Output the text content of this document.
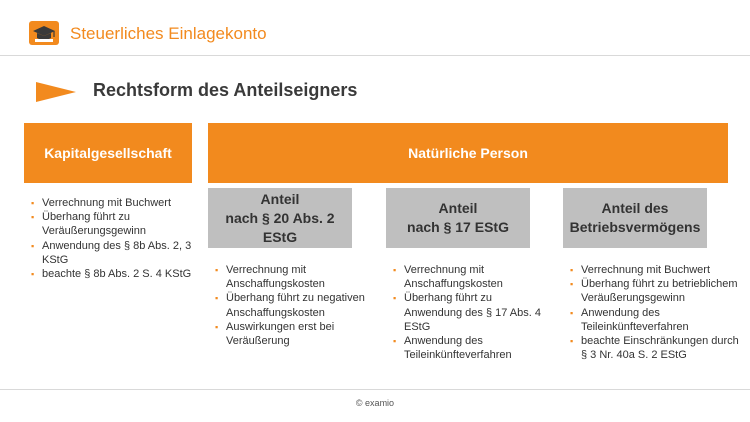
Steuerliches Einlagekonto
Rechtsform des Anteilseigners
Kapitalgesellschaft	Natürliche Person
▪ Verrechnung mit Buchwert
▪ Überhang führt zu Veräußerungsgewinn
▪ Anwendung des § 8b Abs. 2, 3 KStG
▪ beachte § 8b Abs. 2 S. 4 KStG
Anteil
nach § 20 Abs. 2 EStG
Anteil
nach § 17 EStG
Anteil des
Betriebsvermögens
▪ Verrechnung mit Anschaffungskosten
▪ Überhang führt zu negativen Anschaffungskosten
▪ Auswirkungen erst bei Veräußerung
▪ Verrechnung mit Anschaffungskosten
▪ Überhang führt zu Anwendung des § 17 Abs. 4 EStG
▪ Anwendung des Teileinkünfteverfahren
▪ Verrechnung mit Buchwert
▪ Überhang führt zu betrieblichem Veräußerungsgewinn
▪ Anwendung des Teileinkünfteverfahren
▪ beachte Einschränkungen durch § 3 Nr. 40a S. 2 EStG
© examio
